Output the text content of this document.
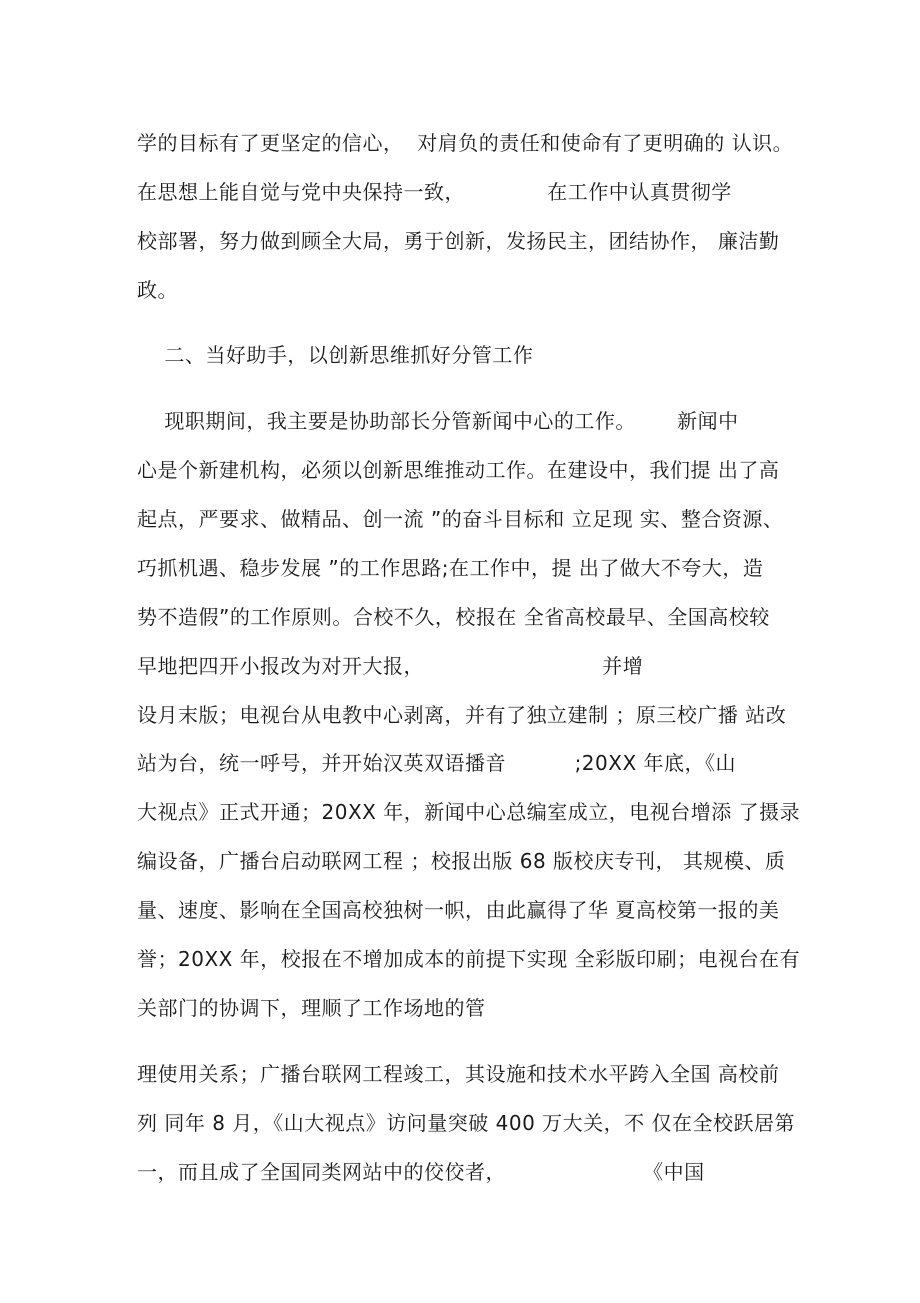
学的目标有了更坚定的信心，  对肩负的责任和使命有了更明确的 认识。
在思想上能自觉与党中央保持一致，            在工作中认真贯彻学
校部署，努力做到顾全大局，勇于创新，发扬民主，团结协作， 廉洁勤
政。
二、当好助手，以创新思维抓好分管工作
现职期间，我主要是协助部长分管新闻中心的工作。      新闻中
心是个新建机构，必须以创新思维推动工作。在建设中，我们提 出了高
起点，严要求、做精品、创一流 ”的奋斗目标和 立足现 实、整合资源、
巧抓机遇、稳步发展 ”的工作思路;在工作中，提 出了做大不夸大，造
势不造假”的工作原则。合校不久，校报在 全省高校最早、全国高校较
早地把四开小报改为对开大报，                          并增
设月末版；电视台从电教中心剥离，并有了独立建制 ；原三校广播 站改
站为台，统一呼号，并开始汉英双语播音          ;20XX 年底，《山
大视点》正式开通；20XX 年，新闻中心总编室成立，电视台增添 了摄录
编设备，广播台启动联网工程 ；校报出版 68 版校庆专刊， 其规模、质
量、速度、影响在全国高校独树一帜，由此赢得了华 夏高校第一报的美
誉；20XX 年，校报在不增加成本的前提下实现 全彩版印刷；电视台在有
关部门的协调下，理顺了工作场地的管
理使用关系；广播台联网工程竣工，其设施和技术水平跨入全国 高校前
列 同年 8 月，《山大视点》访问量突破 400 万大关，不 仅在全校跃居第
一，而且成了全国同类网站中的佼佼者，                    《中国
